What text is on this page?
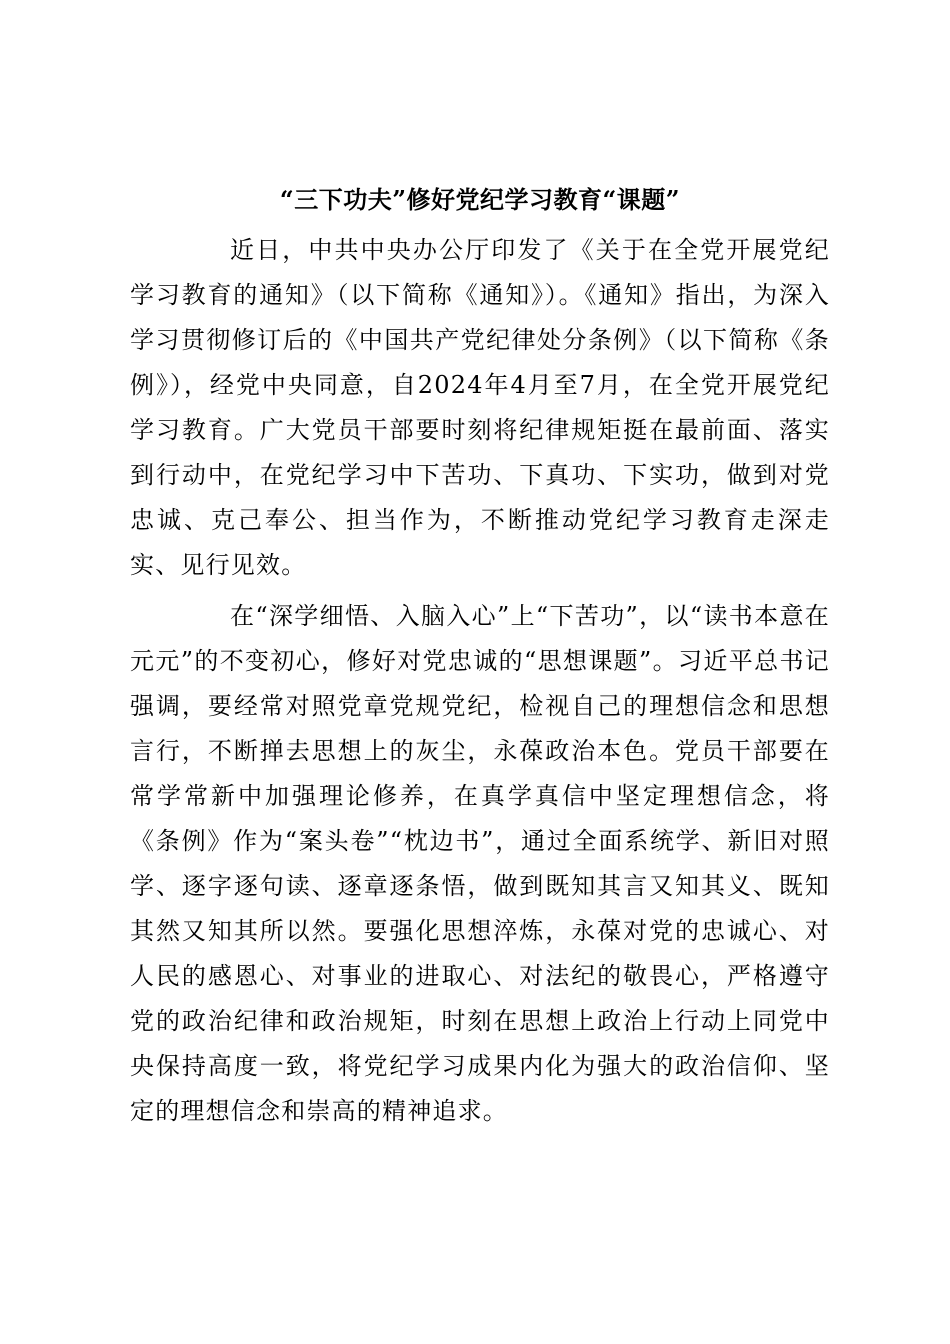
“三下功夫”修好党纪学习教育“课题”

近日，中共中央办公厅印发了《关于在全党开展党纪学习教育的通知》（以下简称《通知》）。《通知》指出，为深入学习贯彻修订后的《中国共产党纪律处分条例》（以下简称《条例》），经党中央同意，自2024年4月至7月，在全党开展党纪学习教育。广大党员干部要时刻将纪律规矩挺在最前面、落实到行动中，在党纪学习中下苦功、下真功、下实功，做到对党忠诚、克己奉公、担当作为，不断推动党纪学习教育走深走实、见行见效。

在“深学细悟、入脑入心”上“下苦功”，以“读书本意在元元”的不变初心，修好对党忠诚的“思想课题”。习近平总书记强调，要经常对照党章党规党纪，检视自己的理想信念和思想言行，不断掸去思想上的灰尘，永葆政治本色。党员干部要在常学常新中加强理论修养，在真学真信中坚定理想信念，将《条例》作为“案头卷”“枕边书”，通过全面系统学、新旧对照学、逐字逐句读、逐章逐条悟，做到既知其言又知其义、既知其然又知其所以然。要强化思想淬炼，永葆对党的忠诚心、对人民的感恩心、对事业的进取心、对法纪的敬畏心，严格遵守党的政治纪律和政治规矩，时刻在思想上政治上行动上同党中央保持高度一致，将党纪学习成果内化为强大的政治信仰、坚定的理想信念和崇高的精神追求。
